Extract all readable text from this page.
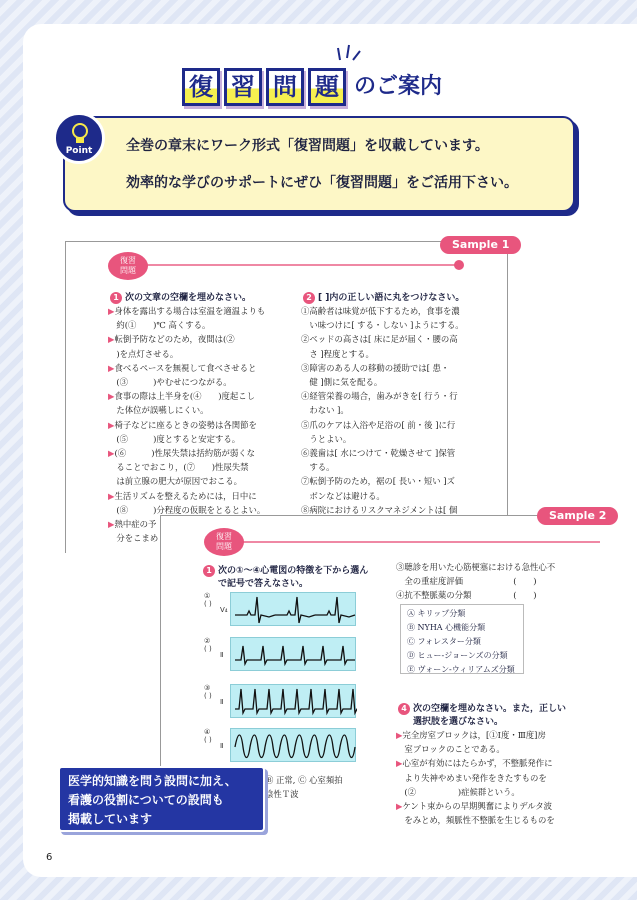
復 習 問 題 のご案内
Point	全巻の章末にワーク形式「復習問題」を収載しています。
効率的な学びのサポートにぜひ「復習問題」をご活用下さい。
Sample 1
復習
問題
1 次の文章の空欄を埋めなさい。

▶身体を露出する場合は室温を適温よりも

　約(①　　)℃ 高くする。

▶転倒予防などのため，夜間は(②

　)を点灯させる。

▶食べるペースを無視して食べさせると

　(③　　　)やむせにつながる。

▶食事の際は上半身を(④　　)度起こし

　た体位が誤嚥しにくい。

▶椅子などに座るときの姿勢は各関節を

　(⑤　　　)度とすると安定する。

▶(⑥　　　)性尿失禁は括約筋が弱くな

　ることでおこり，(⑦　　)性尿失禁

　は前立腺の肥大が原因でおこる。

▶生活リズムを整えるためには，日中に

　(⑧　　　)分程度の仮眠をとるとよい。

▶熱中症の予

　分をこまめ

2 [ ]内の正しい語に丸をつけなさい。

①高齢者は味覚が低下するため，食事を濃

　い味つけに[ する・しない ]ようにする。

②ベッドの高さは[ 床に足が届く・腰の高

　さ ]程度とする。

③障害のある人の移動の援助では[ 患・

　健 ]側に気を配る。

④経管栄養の場合，歯みがきを[ 行う・行

　わない ]。

⑤爪のケアは入浴や足浴の[ 前・後 ]に行

　うとよい。

⑥義歯は[ 水につけて・乾燥させて ]保管

　する。

⑦転倒予防のため，裾の[ 長い・短い ]ズ

　ボンなどは避ける。

⑧病院におけるリスクマネジメントは[ 個	Sample 2
復習
問題
1 次の①〜④心電図の特徴を下から選ん
で記号で答えなさい。
①
( )
V₄
②
( )
Ⅱ
③
( )
Ⅱ
④
( )
Ⅱ

Ⓑ 正常, Ⓒ 心室頻拍

陰性Ｔ波

③聴診を用いた心筋梗塞における急性心不

　全の重症度評価　　　　　　(　　)

④抗不整脈薬の分類　　　　　(　　)

Ⓐ キリップ分類

Ⓑ NYHA 心機能分類

Ⓒ フォレスター分類

Ⓓ ヒュー-ジョーンズの分類

Ⓔ ヴォーン-ウィリアムズ分類

4 次の空欄を埋めなさい。また，正しい
選択肢を選びなさい。

▶完全房室ブロックは，[①Ⅰ度・Ⅲ度]房

　室ブロックのことである。

▶心室が有効にはたらかず，不整脈発作に

　より失神やめまい発作をきたすものを

　(②　　　　　)症候群という。

▶ケント束からの早期興奮によりデルタ波

　をみとめ，頻脈性不整脈を生じるものを

医学的知識を問う設問に加え、
看護の役割についての設問も
掲載しています
6
